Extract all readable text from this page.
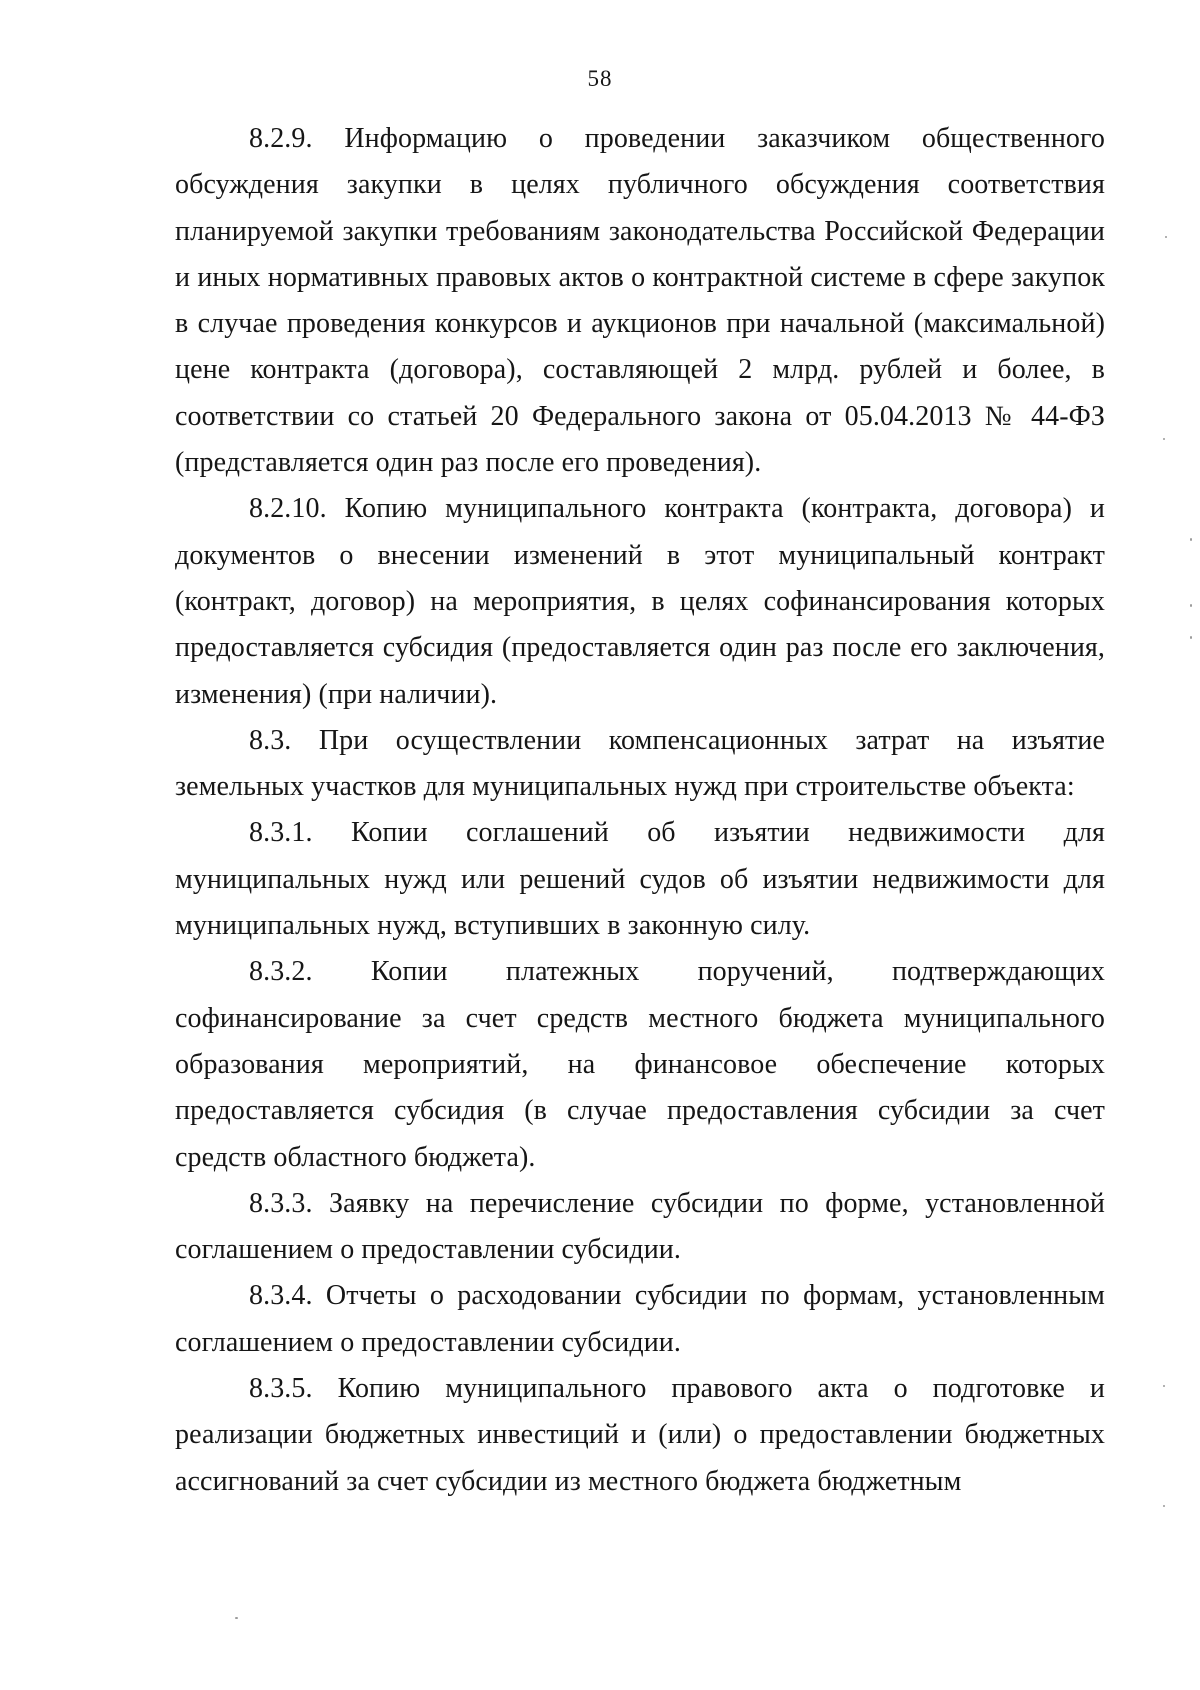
58

8.2.9. Информацию о проведении заказчиком общественного обсуждения закупки в целях публичного обсуждения соответствия планируемой закупки требованиям законодательства Российской Федерации и иных нормативных правовых актов о контрактной системе в сфере закупок в случае проведения конкурсов и аукционов при начальной (максимальной) цене контракта (договора), составляющей 2 млрд. рублей и более, в соответствии со статьей 20 Федерального закона от 05.04.2013 № 44-ФЗ (представляется один раз после его проведения).

8.2.10. Копию муниципального контракта (контракта, договора) и документов о внесении изменений в этот муниципальный контракт (контракт, договор) на мероприятия, в целях софинансирования которых предоставляется субсидия (предоставляется один раз после его заключения, изменения) (при наличии).

8.3. При осуществлении компенсационных затрат на изъятие земельных участков для муниципальных нужд при строительстве объекта:

8.3.1. Копии соглашений об изъятии недвижимости для муниципальных нужд или решений судов об изъятии недвижимости для муниципальных нужд, вступивших в законную силу.

8.3.2. Копии платежных поручений, подтверждающих софинансирование за счет средств местного бюджета муниципального образования мероприятий, на финансовое обеспечение которых предоставляется субсидия (в случае предоставления субсидии за счет средств областного бюджета).

8.3.3. Заявку на перечисление субсидии по форме, установленной соглашением о предоставлении субсидии.

8.3.4. Отчеты о расходовании субсидии по формам, установленным соглашением о предоставлении субсидии.

8.3.5. Копию муниципального правового акта о подготовке и реализации бюджетных инвестиций и (или) о предоставлении бюджетных ассигнований за счет субсидии из местного бюджета бюджетным
